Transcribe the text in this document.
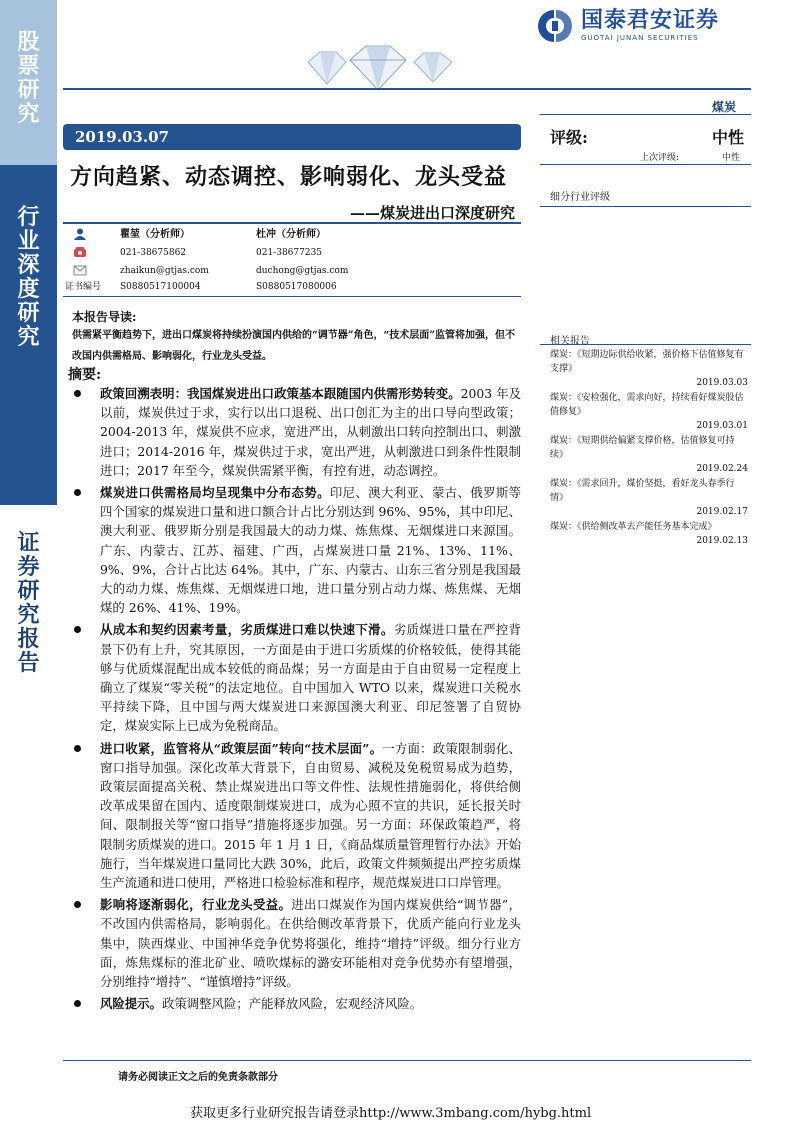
股
票
研
究
行
业
深
度
研
究
证
券
研
究
报
告
国泰君安证券
GUOTAI JUNAN SECURITIES
煤炭
2019.03.07
方向趋紧、动态调控、影响弱化、龙头受益
——煤炭进出口深度研究
瞿堃（分析师）	杜冲（分析师）
021-38675862	021-38677235
zhaikun@gtjas.com	duchong@gtjas.com
证书编号 S0880517100004	S0880517080006
本报告导读:
供需紧平衡趋势下，进出口煤炭将持续扮演国内供给的“调节器”角色，“技术层面”监管将加强，但不改国内供需格局、影响弱化，行业龙头受益。
摘要:
政策回溯表明：我国煤炭进出口政策基本跟随国内供需形势转变。2003 年及以前，煤炭供过于求，实行以出口退税、出口创汇为主的出口导向型政策；2004-2013 年，煤炭供不应求，宽进严出，从刺激出口转向控制出口、刺激进口；2014-2016 年，煤炭供过于求，宽出严进，从刺激进口到条件性限制进口；2017 年至今，煤炭供需紧平衡，有控有进，动态调控。
煤炭进口供需格局均呈现集中分布态势。印尼、澳大利亚、蒙古、俄罗斯等四个国家的煤炭进口量和进口额合计占比分别达到 96%、95%，其中印尼、澳大利亚、俄罗斯分别是我国最大的动力煤、炼焦煤、无烟煤进口来源国。广东、内蒙古、江苏、福建、广西，占煤炭进口量 21%、13%、11%、9%、9%，合计占比达 64%。其中，广东、内蒙古、山东三省分别是我国最大的动力煤、炼焦煤、无烟煤进口地，进口量分别占动力煤、炼焦煤、无烟煤的 26%、41%、19%。
从成本和契约因素考量，劣质煤进口难以快速下滑。劣质煤进口量在严控背景下仍有上升，究其原因，一方面是由于进口劣质煤的价格较低，使得其能够与优质煤混配出成本较低的商品煤；另一方面是由于自由贸易一定程度上确立了煤炭“零关税”的法定地位。自中国加入 WTO 以来，煤炭进口关税水平持续下降，且中国与两大煤炭进口来源国澳大利亚、印尼签署了自贸协定，煤炭实际上已成为免税商品。
进口收紧，监管将从“政策层面”转向“技术层面”。一方面：政策限制弱化、窗口指导加强。深化改革大背景下，自由贸易、减税及免税贸易成为趋势，政策层面提高关税、禁止煤炭进出口等文件性、法规性措施弱化，将供给侧改革成果留在国内、适度限制煤炭进口，成为心照不宣的共识，延长报关时间、限制报关等“窗口指导”措施将逐步加强。另一方面：环保政策趋严，将限制劣质煤炭的进口。2015 年 1 月 1 日，《商品煤质量管理暂行办法》开始施行，当年煤炭进口量同比大跌 30%，此后，政策文件频频提出严控劣质煤生产流通和进口使用，严格进口检验标准和程序，规范煤炭进口口岸管理。
影响将逐渐弱化，行业龙头受益。进出口煤炭作为国内煤炭供给“调节器”，不改国内供需格局，影响弱化。在供给侧改革背景下，优质产能向行业龙头集中，陕西煤业、中国神华竞争优势将强化，维持“增持”评级。细分行业方面，炼焦煤标的淮北矿业、喷吹煤标的潞安环能相对竞争优势亦有望增强，分别维持“增持”、“谨慎增持”评级。
风险提示。政策调整风险；产能释放风险，宏观经济风险。
评级:	中性
上次评级:	中性
细分行业评级
相关报告
煤炭：《短期边际供给收紧，强价格下估值修复有支撑》
2019.03.03
煤炭：《安检强化，需求向好，持续看好煤炭股估值修复》
2019.03.01
煤炭：《短期供给偏紧支撑价格，估值修复可持续》
2019.02.24
煤炭：《需求回升，煤价坚挺，看好龙头春季行情》
2019.02.17
煤炭：《供给侧改革去产能任务基本完成》
2019.02.13
请务必阅读正文之后的免责条款部分
获取更多行业研究报告请登录http://www.3mbang.com/hybg.html
